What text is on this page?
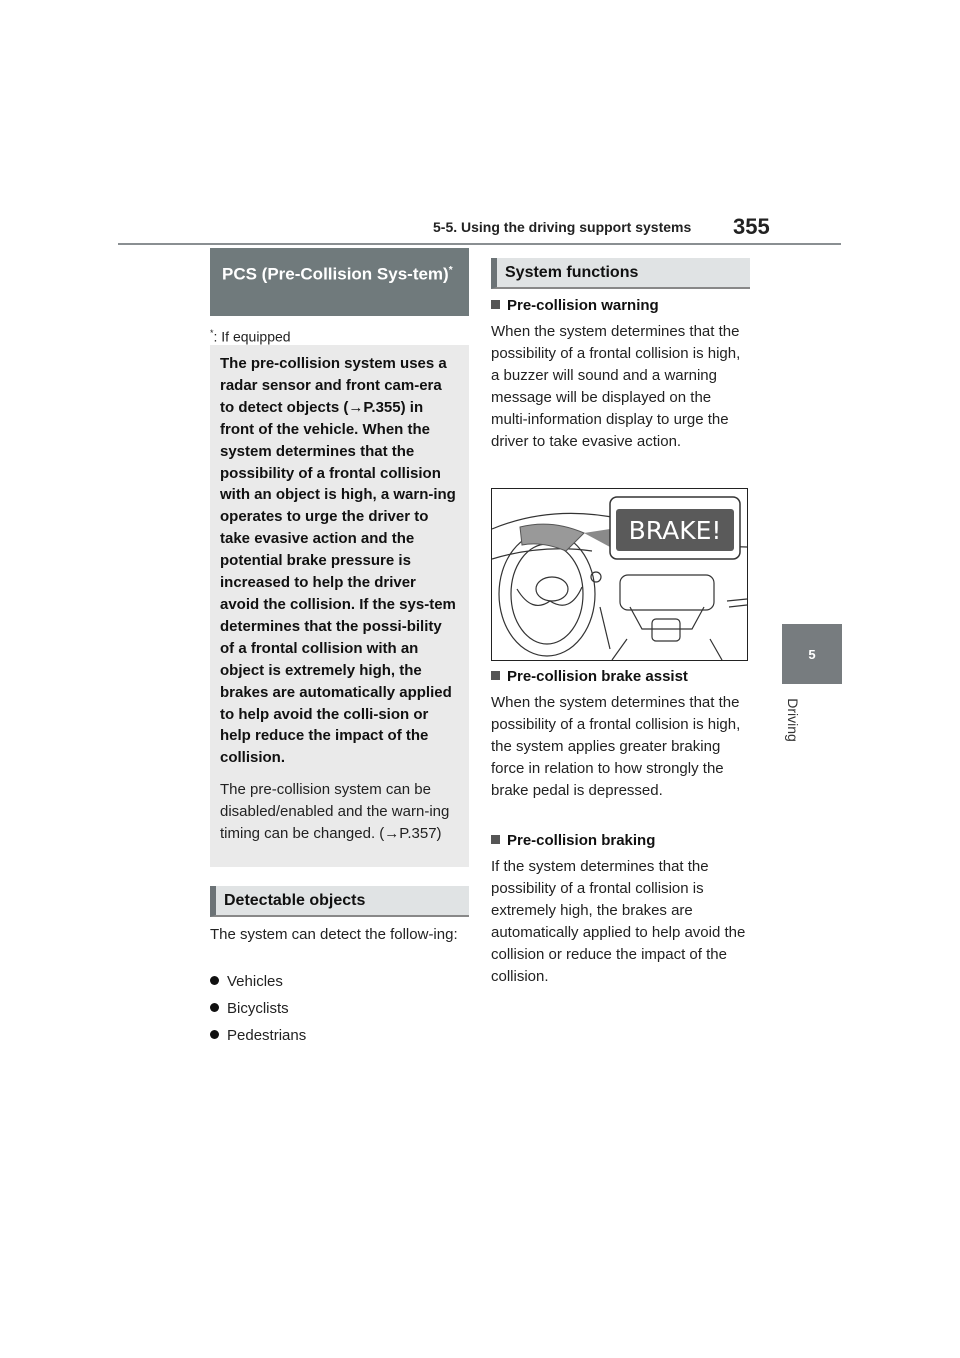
5-5. Using the driving support systems 355
5
Driving
PCS (Pre-Collision Sys-tem)*
*: If equipped
The pre-collision system uses a radar sensor and front cam-era to detect objects (→P.355) in front of the vehicle. When the system determines that the possibility of a frontal collision with an object is high, a warn-ing operates to urge the driver to take evasive action and the potential brake pressure is increased to help the driver avoid the collision. If the sys-tem determines that the possi-bility of a frontal collision with an object is extremely high, the brakes are automatically applied to help avoid the colli-sion or help reduce the impact of the collision.
The pre-collision system can be disabled/enabled and the warn-ing timing can be changed. (→P.357)
Detectable objects
The system can detect the follow-ing:
Vehicles
Bicyclists
Pedestrians
System functions
Pre-collision warning
When the system determines that the possibility of a frontal collision is high, a buzzer will sound and a warning message will be displayed on the multi-information display to urge the driver to take evasive action.
BRAKE!
Pre-collision brake assist
When the system determines that the possibility of a frontal collision is high, the system applies greater braking force in relation to how strongly the brake pedal is depressed.
Pre-collision braking
If the system determines that the possibility of a frontal collision is extremely high, the brakes are automatically applied to help avoid the collision or reduce the impact of the collision.
